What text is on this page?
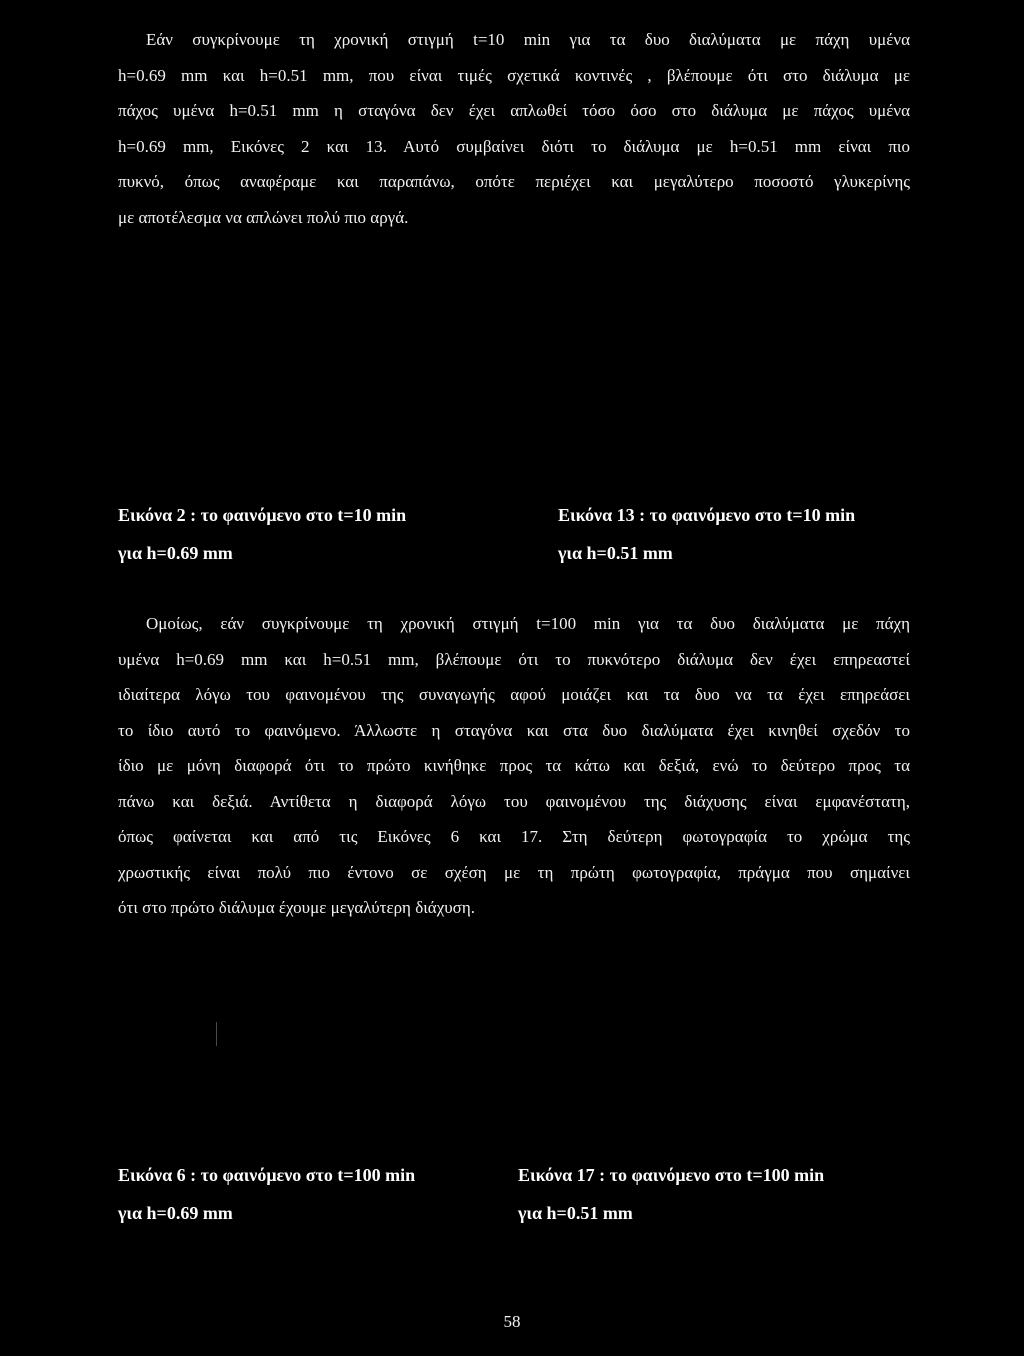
Εάν συγκρίνουμε τη χρονική στιγμή t=10 min για τα δυο διαλύματα με πάχη υμένα
h=0.69 mm και h=0.51 mm, που είναι τιμές σχετικά κοντινές , βλέπουμε ότι στο διάλυμα με
πάχος υμένα h=0.51 mm η σταγόνα δεν έχει απλωθεί τόσο όσο στο διάλυμα με πάχος υμένα
h=0.69 mm, Εικόνες 2 και 13. Αυτό συμβαίνει διότι το διάλυμα με h=0.51 mm είναι πιο
πυκνό, όπως αναφέραμε και παραπάνω, οπότε περιέχει και μεγαλύτερο ποσοστό γλυκερίνης
με αποτέλεσμα να απλώνει πολύ πιο αργά.

Εικόνα 2 : το φαινόμενο στο t=10 min
για h=0.69 mm
Εικόνα 13 : το φαινόμενο στο t=10 min
για h=0.51 mm

Ομοίως, εάν συγκρίνουμε τη χρονική στιγμή t=100 min για τα δυο διαλύματα με πάχη
υμένα h=0.69 mm και h=0.51 mm, βλέπουμε ότι το πυκνότερο διάλυμα δεν έχει επηρεαστεί
ιδιαίτερα λόγω του φαινομένου της συναγωγής αφού μοιάζει και τα δυο να τα έχει επηρεάσει
το ίδιο αυτό το φαινόμενο. Άλλωστε η σταγόνα και στα δυο διαλύματα έχει κινηθεί σχεδόν το
ίδιο με μόνη διαφορά ότι το πρώτο κινήθηκε προς τα κάτω και δεξιά, ενώ το δεύτερο προς τα
πάνω και δεξιά. Αντίθετα η διαφορά λόγω του φαινομένου της διάχυσης είναι εμφανέστατη,
όπως φαίνεται και από τις Εικόνες 6 και 17. Στη δεύτερη φωτογραφία το χρώμα της
χρωστικής είναι πολύ πιο έντονο σε σχέση με τη πρώτη φωτογραφία, πράγμα που σημαίνει
ότι στο πρώτο διάλυμα έχουμε μεγαλύτερη διάχυση.

Εικόνα 6 : το φαινόμενο στο t=100 min
για h=0.69 mm
Εικόνα 17 : το φαινόμενο στο t=100 min
για h=0.51 mm
58
